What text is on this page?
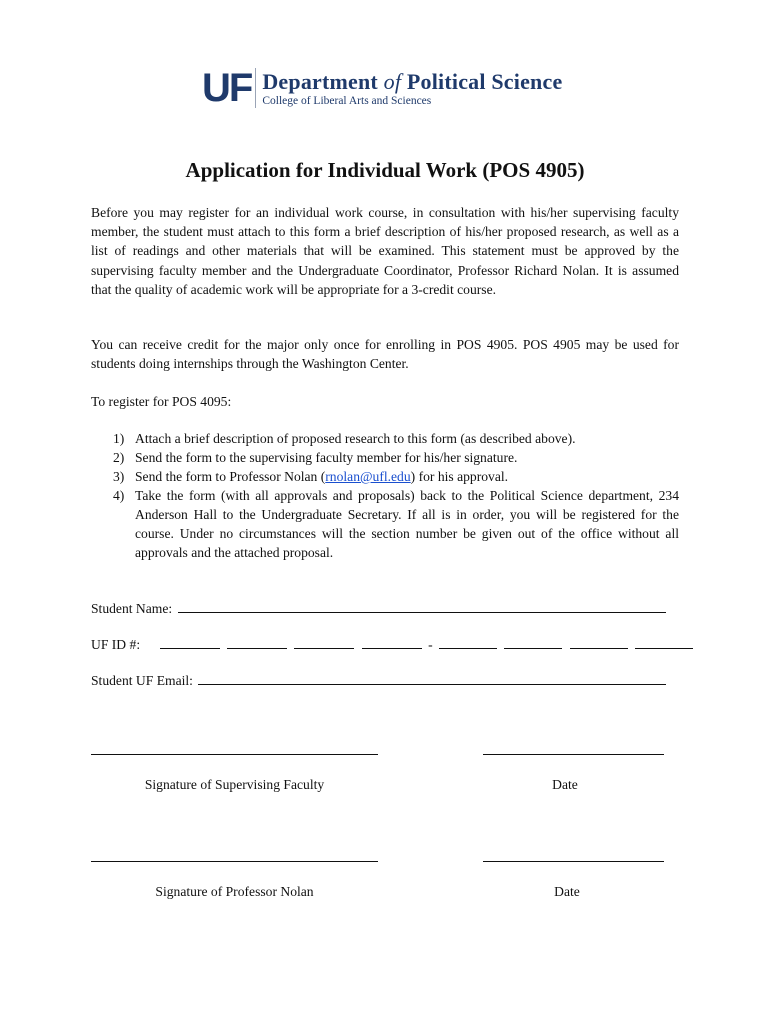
UF Department of Political Science
College of Liberal Arts and Sciences
Application for Individual Work (POS 4905)

Before you may register for an individual work course, in consultation with his/her supervising faculty member, the student must attach to this form a brief description of his/her proposed research, as well as a list of readings and other materials that will be examined. This statement must be approved by the supervising faculty member and the Undergraduate Coordinator, Professor Richard Nolan. It is assumed that the quality of academic work will be appropriate for a 3-credit course.

You can receive credit for the major only once for enrolling in POS 4905. POS 4905 may be used for students doing internships through the Washington Center.

To register for POS 4095:

1) Attach a brief description of proposed research to this form (as described above).
2) Send the form to the supervising faculty member for his/her signature.
3) Send the form to Professor Nolan (rnolan@ufl.edu) for his approval.
4) Take the form (with all approvals and proposals) back to the Political Science department, 234 Anderson Hall to the Undergraduate Secretary. If all is in order, you will be registered for the course. Under no circumstances will the section number be given out of the office without all approvals and the attached proposal.
Student Name:
UF ID #:	-
Student UF Email:
Signature of Supervising Faculty	Date
Signature of Professor Nolan	Date
